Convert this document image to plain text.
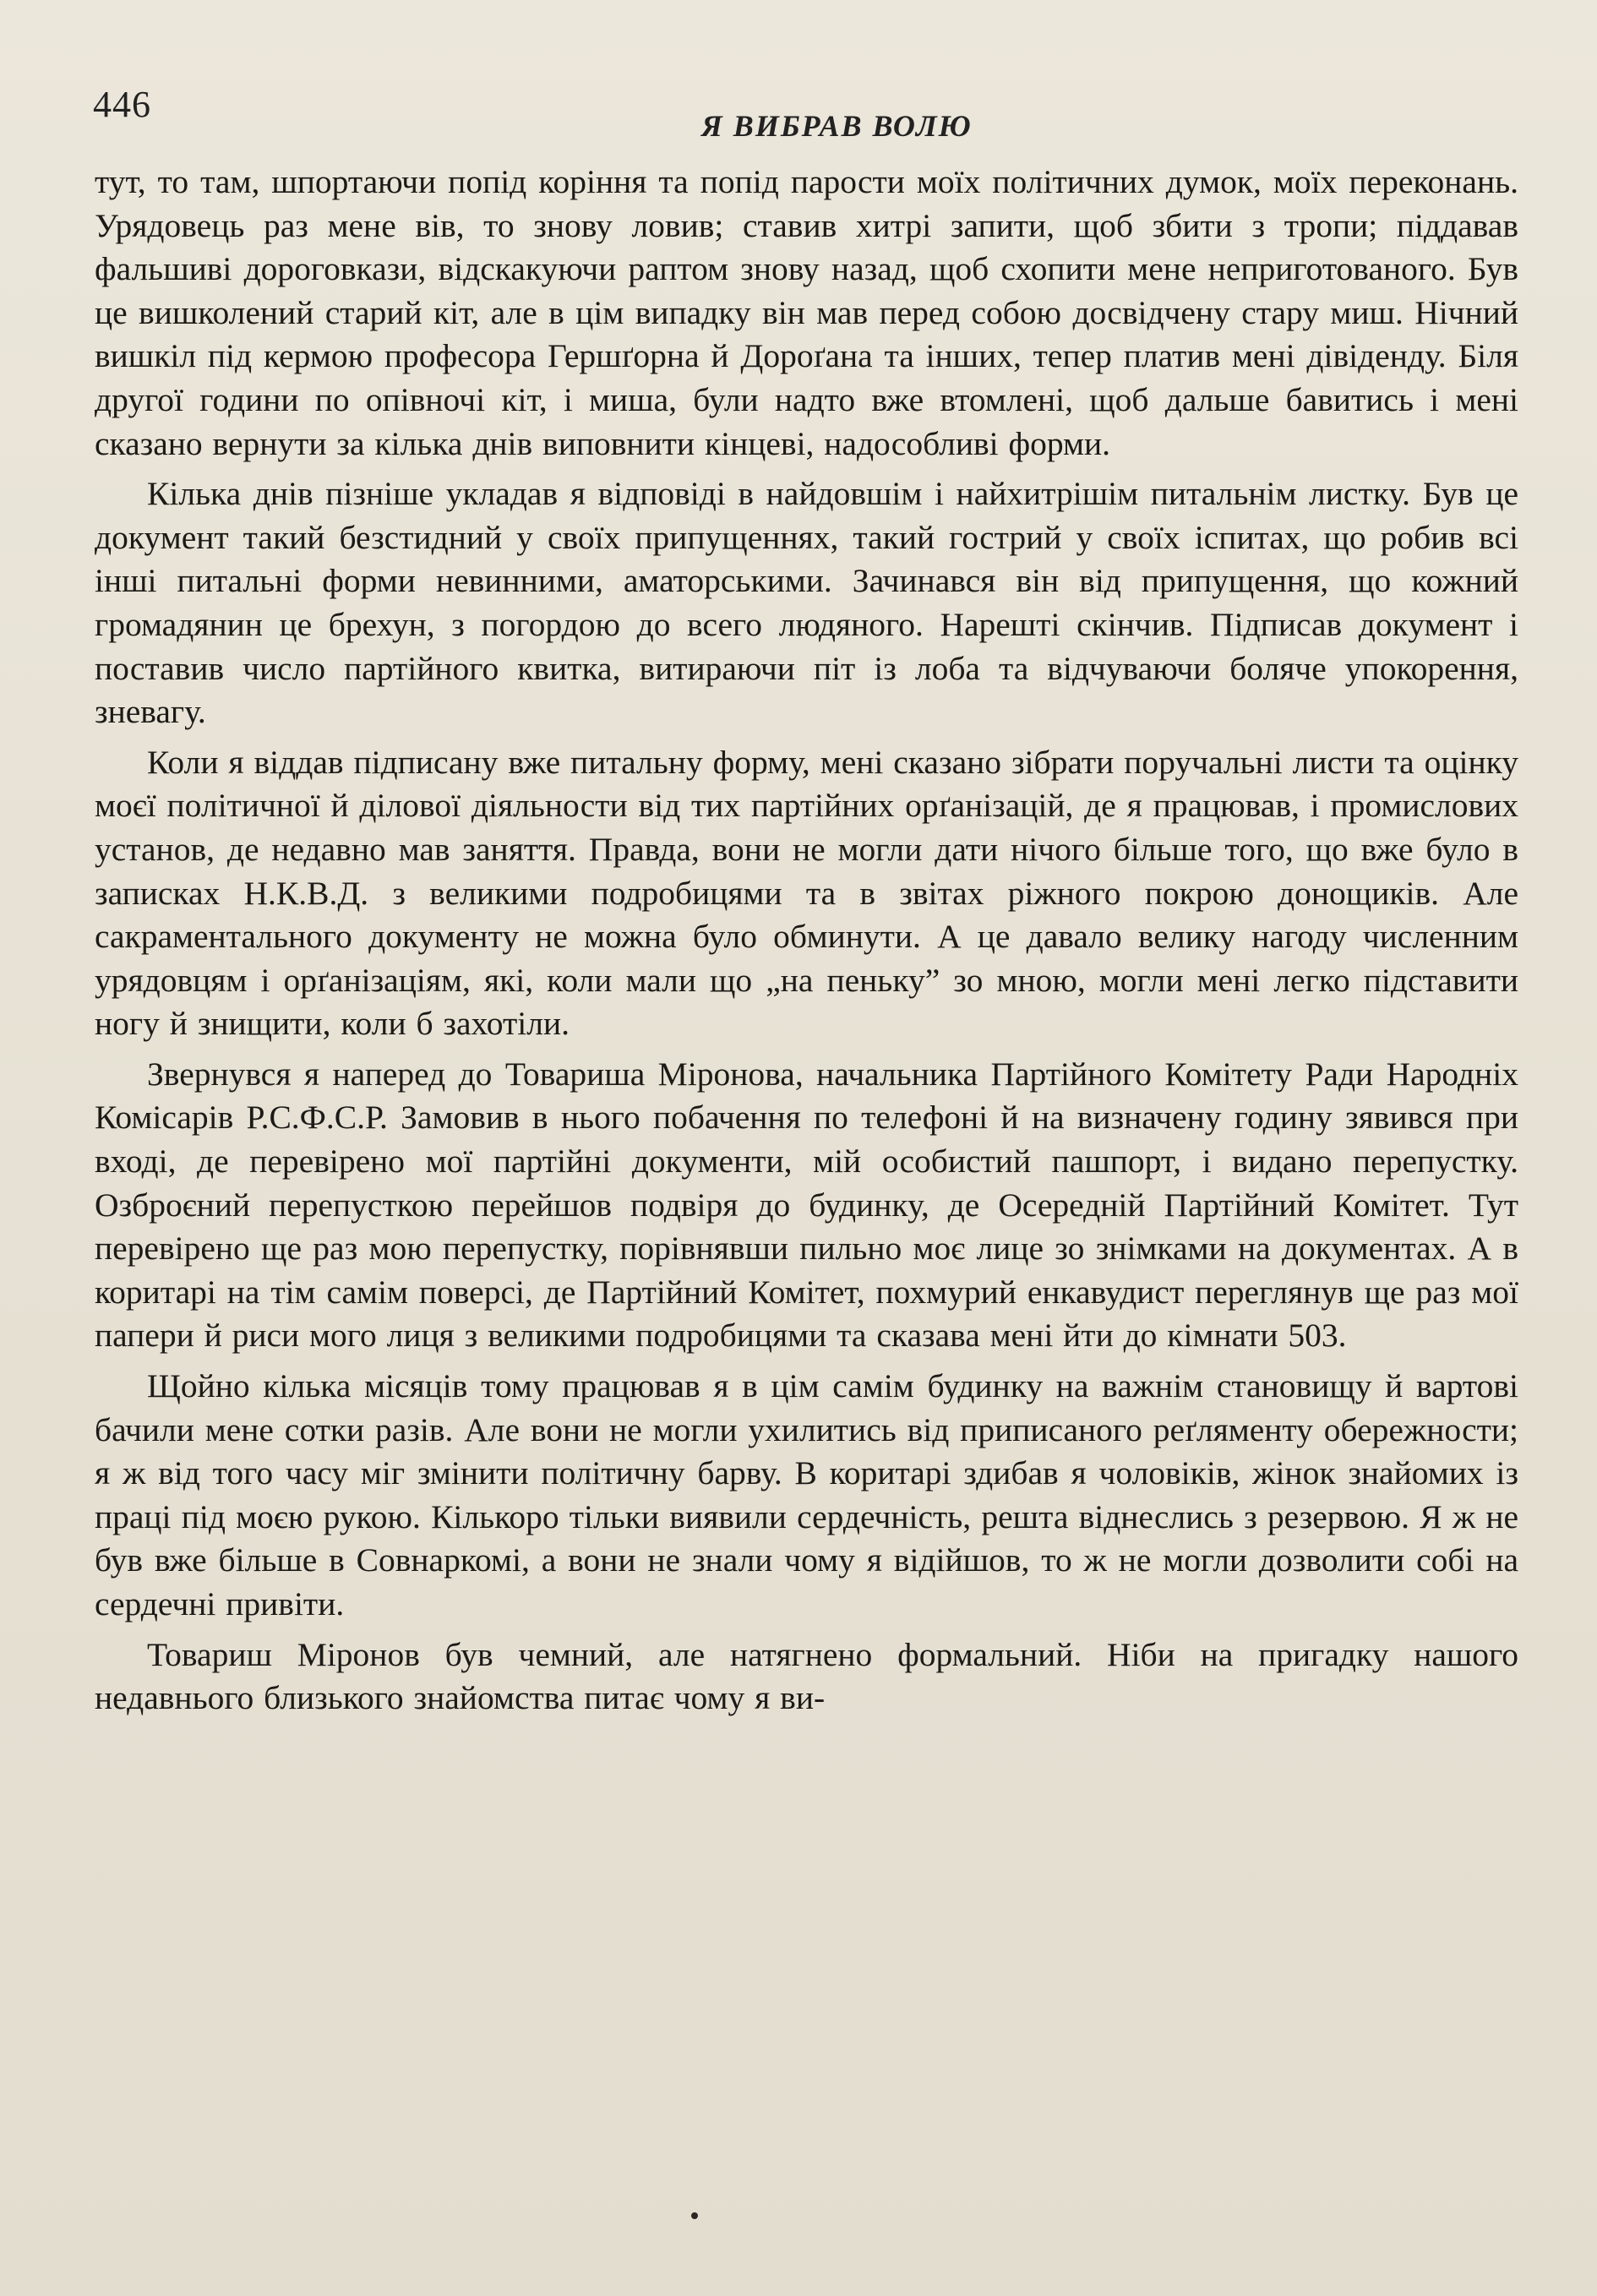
446
Я ВИБРАВ ВОЛЮ

тут, то там, шпортаючи попід коріння та попід парости моїх політичних думок, моїх переконань. Урядовець раз мене вів, то знову ловив; ставив хитрі запити, щоб збити з тропи; піддавав фальшиві дороговкази, відскакуючи раптом знову назад, щоб схопити мене неприготованого. Був це вишколений старий кіт, але в цім випадку він мав перед собою досвідчену стару миш. Нічний вишкіл під кермою професора Гершґорна й Дороґана та інших, тепер платив мені дівіденду. Біля другої години по опівночі кіт, і миша, були надто вже втомлені, щоб дальше бавитись і мені сказано вернути за кілька днів виповнити кінцеві, надособливі форми.

Кілька днів пізніше укладав я відповіді в найдовшім і найхитрішім питальнім листку. Був це документ такий безстидний у своїх припущеннях, такий гострий у своїх іспитах, що робив всі інші питальні форми невинними, аматорськими. Зачинався він від припущення, що кожний громадянин це брехун, з погордою до всего людяного. Нарешті скінчив. Підписав документ і поставив число партійного квитка, витираючи піт із лоба та відчуваючи боляче упокорення, зневагу.

Коли я віддав підписану вже питальну форму, мені сказано зібрати поручальні листи та оцінку моєї політичної й ділової діяльности від тих партійних орґанізацій, де я працював, і промислових установ, де недавно мав заняття. Правда, вони не могли дати нічого більше того, що вже було в записках Н.К.В.Д. з великими подробицями та в звітах ріжного покрою донощиків. Але сакраментального документу не можна було обминути. А це давало велику нагоду численним урядовцям і орґанізаціям, які, коли мали що „на пеньку” зо мною, могли мені легко підставити ногу й знищити, коли б захотіли.

Звернувся я наперед до Товариша Міронова, начальника Партійного Комітету Ради Народніх Комісарів Р.С.Ф.С.Р. Замовив в нього побачення по телефоні й на визначену годину зявився при вході, де перевірено мої партійні документи, мій особистий пашпорт, і видано перепустку. Озброєний перепусткою перейшов подвіря до будинку, де Осередній Партійний Комітет. Тут перевірено ще раз мою перепустку, порівнявши пильно моє лице зо знімками на документах. А в коритарі на тім самім поверсі, де Партійний Комітет, похмурий енкавудист переглянув ще раз мої папери й риси мого лиця з великими подробицями та сказава мені йти до кімнати 503.

Щойно кілька місяців тому працював я в цім самім будинку на важнім становищу й вартові бачили мене сотки разів. Але вони не могли ухилитись від приписаного реґляменту обережности; я ж від того часу міг змінити політичну барву. В коритарі здибав я чоловіків, жінок знайомих із праці під моєю рукою. Кількоро тільки виявили сердечність, решта віднеслись з резервою. Я ж не був вже більше в Совнаркомі, а вони не знали чому я відійшов, то ж не могли дозволити собі на сердечні привіти.

Товариш Міронов був чемний, але натягнено формальний. Ніби на пригадку нашого недавнього близького знайомства питає чому я ви-
